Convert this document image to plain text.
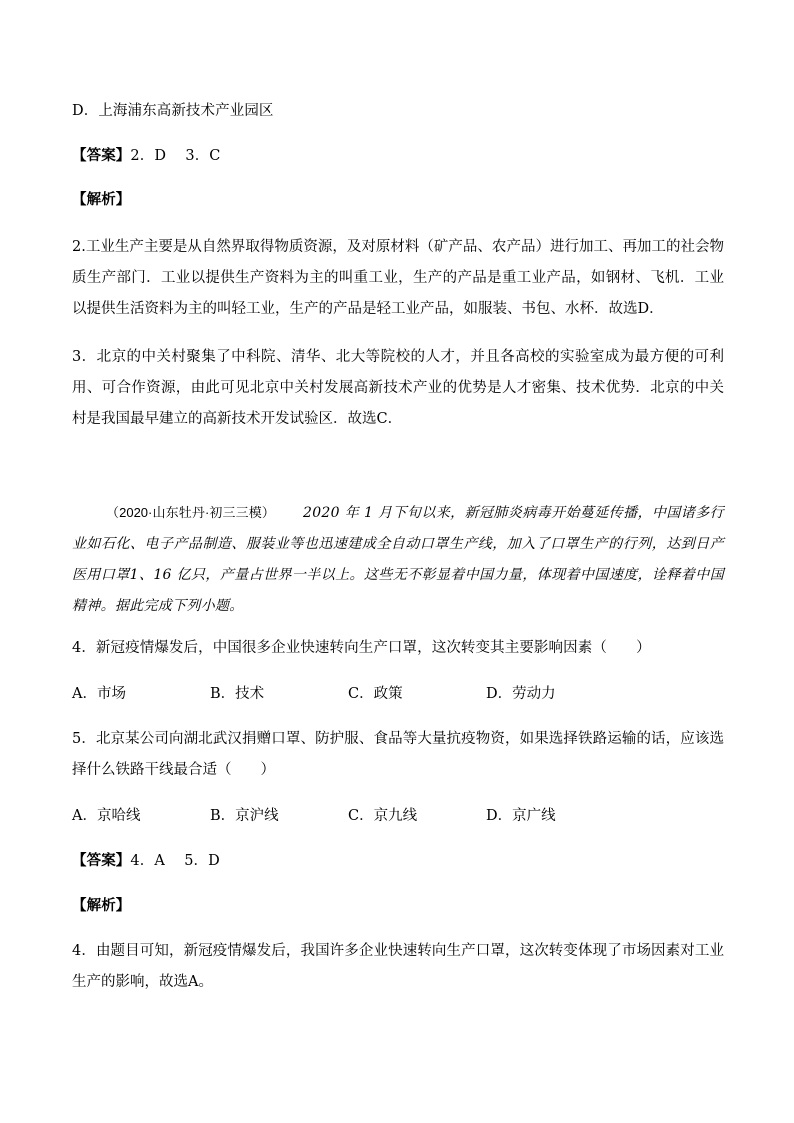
D．上海浦东高新技术产业园区
【答案】2．D　 3．C
【解析】
2.工业生产主要是从自然界取得物质资源，及对原材料（矿产品、农产品）进行加工、再加工的社会物质生产部门．工业以提供生产资料为主的叫重工业，生产的产品是重工业产品，如钢材、飞机．工业以提供生活资料为主的叫轻工业，生产的产品是轻工业产品，如服装、书包、水杯．故选D．
3．北京的中关村聚集了中科院、清华、北大等院校的人才，并且各高校的实验室成为最方便的可利用、可合作资源，由此可见北京中关村发展高新技术产业的优势是人才密集、技术优势．北京的中关村是我国最早建立的高新技术开发试验区．故选C．
（2020·山东牡丹·初三三模） 2020 年 1 月下旬以来，新冠肺炎病毒开始蔓延传播，中国诸多行业如石化、电子产品制造、服装业等也迅速建成全自动口罩生产线，加入了口罩生产的行列，达到日产医用口罩1、16 亿只，产量占世界一半以上。这些无不彰显着中国力量，体现着中国速度，诠释着中国精神。据此完成下列小题。
4．新冠疫情爆发后，中国很多企业快速转向生产口罩，这次转变其主要影响因素（　　）
A．市场	B．技术	C．政策	D．劳动力
5．北京某公司向湖北武汉捐赠口罩、防护服、食品等大量抗疫物资，如果选择铁路运输的话，应该选择什么铁路干线最合适（　　）
A．京哈线	B．京沪线	C．京九线	D．京广线
【答案】4．A　 5．D
【解析】
4．由题目可知，新冠疫情爆发后，我国许多企业快速转向生产口罩，这次转变体现了市场因素对工业生产的影响，故选A。
